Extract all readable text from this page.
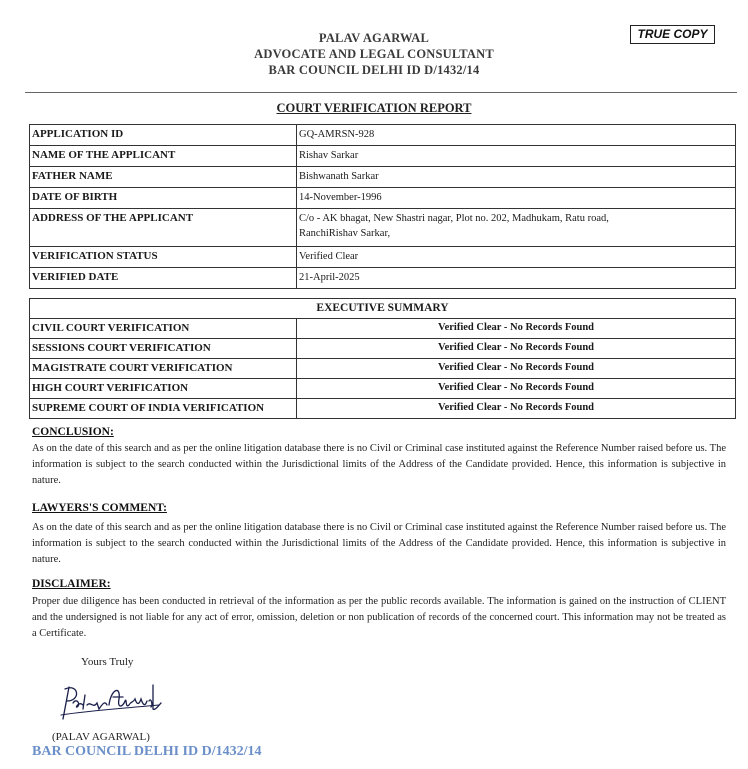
PALAV AGARWAL
ADVOCATE AND LEGAL CONSULTANT
BAR COUNCIL DELHI ID D/1432/14
TRUE COPY
COURT VERIFICATION REPORT
APPLICATION ID	GQ-AMRSN-928
NAME OF THE APPLICANT	Rishav Sarkar
FATHER NAME	Bishwanath Sarkar
DATE OF BIRTH	14-November-1996
ADDRESS OF THE APPLICANT	C/o - AK bhagat, New Shastri nagar, Plot no. 202, Madhukam, Ratu road,
RanchiRishav Sarkar,

VERIFICATION STATUS	Verified Clear
VERIFIED DATE	21-April-2025
EXECUTIVE SUMMARY	
CIVIL COURT VERIFICATION	Verified Clear - No Records Found
SESSIONS COURT VERIFICATION	Verified Clear - No Records Found
MAGISTRATE COURT VERIFICATION	Verified Clear - No Records Found
HIGH COURT VERIFICATION	Verified Clear - No Records Found
SUPREME COURT OF INDIA VERIFICATION	Verified Clear - No Records Found
CONCLUSION:
As on the date of this search and as per the online litigation database there is no Civil or Criminal case instituted against the Reference Number raised before us. The information is subject to the search conducted within the Jurisdictional limits of the Address of the Candidate provided. Hence, this information is subjective in nature.
LAWYERS'S COMMENT:
As on the date of this search and as per the online litigation database there is no Civil or Criminal case instituted against the Reference Number raised before us. The information is subject to the search conducted within the Jurisdictional limits of the Address of the Candidate provided. Hence, this information is subjective in nature.
DISCLAIMER:
Proper due diligence has been conducted in retrieval of the information as per the public records available. The information is gained on the instruction of CLIENT and the undersigned is not liable for any act of error, omission, deletion or non publication of records of the concerned court. This information may not be treated as a Certificate.
Yours Truly
(PALAV AGARWAL)
BAR COUNCIL DELHI ID D/1432/14
